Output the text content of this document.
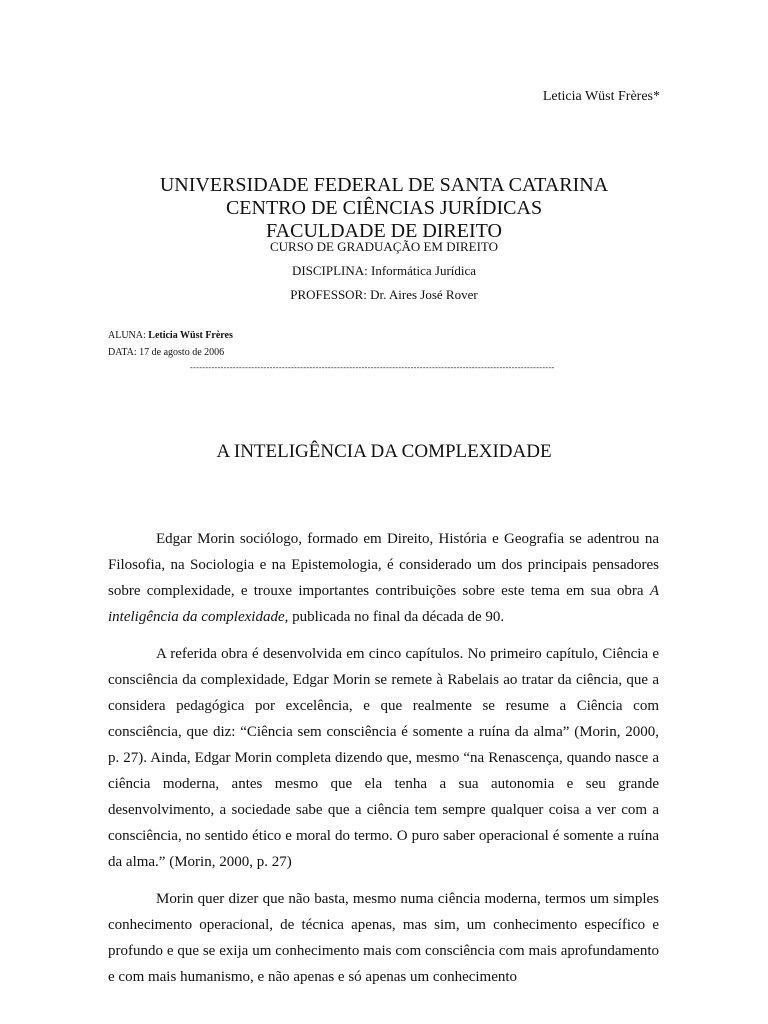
Leticia Wüst Frères*
UNIVERSIDADE FEDERAL DE SANTA CATARINA
CENTRO DE CIÊNCIAS JURÍDICAS
FACULDADE DE DIREITO
CURSO DE GRADUAÇÃO EM DIREITO
DISCIPLINA: Informática Jurídica
PROFESSOR: Dr. Aires José Rover
ALUNA: Leticia Wüst Frères
DATA: 17 de agosto de 2006
-----------------------------------------------------------------------------------------------------------------------
A INTELIGÊNCIA DA COMPLEXIDADE

Edgar Morin sociólogo, formado em Direito, História e Geografia se adentrou na Filosofia, na Sociologia e na Epistemologia, é considerado um dos principais pensadores sobre complexidade, e trouxe importantes contribuições sobre este tema em sua obra A inteligência da complexidade, publicada no final da década de 90.

A referida obra é desenvolvida em cinco capítulos. No primeiro capítulo, Ciência e consciência da complexidade, Edgar Morin se remete à Rabelais ao tratar da ciência, que a considera pedagógica por excelência, e que realmente se resume a Ciência com consciência, que diz: “Ciência sem consciência é somente a ruína da alma” (Morin, 2000, p. 27). Ainda, Edgar Morin completa dizendo que, mesmo “na Renascença, quando nasce a ciência moderna, antes mesmo que ela tenha a sua autonomia e seu grande desenvolvimento, a sociedade sabe que a ciência tem sempre qualquer coisa a ver com a consciência, no sentido ético e moral do termo. O puro saber operacional é somente a ruína da alma.” (Morin, 2000, p. 27)

Morin quer dizer que não basta, mesmo numa ciência moderna, termos um simples conhecimento operacional, de técnica apenas, mas sim, um conhecimento específico e profundo e que se exija um conhecimento mais com consciência com mais aprofundamento e com mais humanismo, e não apenas e só apenas um conhecimento
